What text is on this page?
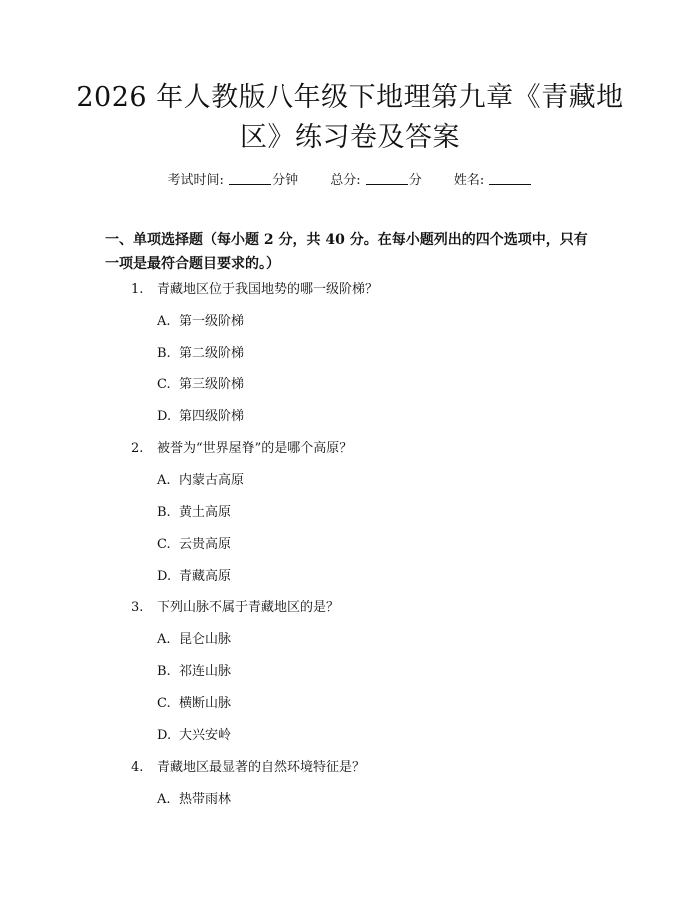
2026 年人教版八年级下地理第九章《青藏地
区》练习卷及答案
考试时间:	分钟 总分:	分 姓名:

一、单项选择题（每小题 2 分，共 40 分。在每小题列出的四个选项中，只有一项是最符合题目要求的。）

1. 青藏地区位于我国地势的哪一级阶梯？
A. 第一级阶梯
B. 第二级阶梯
C. 第三级阶梯
D. 第四级阶梯
2. 被誉为“世界屋脊”的是哪个高原？
A. 内蒙古高原
B. 黄土高原
C. 云贵高原
D. 青藏高原
3. 下列山脉不属于青藏地区的是？
A. 昆仑山脉
B. 祁连山脉
C. 横断山脉
D. 大兴安岭
4. 青藏地区最显著的自然环境特征是？
A. 热带雨林
